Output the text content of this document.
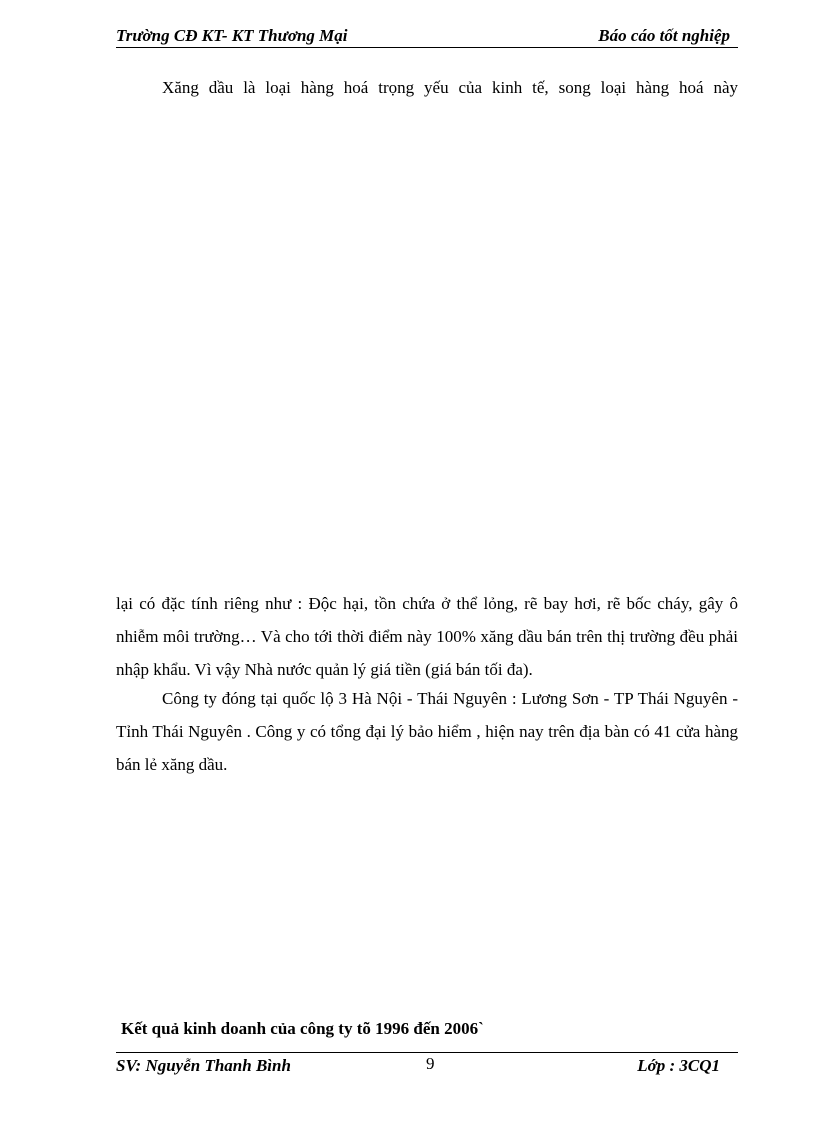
Trường CĐ KT- KT Thương Mại	Báo cáo tốt nghiệp

Xăng dầu là loại hàng hoá trọng yếu của kinh tế, song loại hàng hoá này

lại có đặc tính riêng như : Độc hại, tồn chứa ở thể lỏng, rẽ bay hơi, rẽ bốc cháy, gây ô nhiễm môi trường… Và cho tới thời điểm này 100% xăng dầu bán trên thị trường đều phải nhập khẩu. Vì vậy Nhà nước quản lý giá tiền (giá bán tối đa).

Công ty đóng tại quốc lộ 3 Hà Nội - Thái Nguyên : Lương Sơn - TP Thái Nguyên - Tỉnh Thái Nguyên . Công y có tổng đại lý bảo hiểm , hiện nay trên địa bàn có 41 cửa hàng bán lẻ xăng dầu.

Kết quả kinh doanh của công ty tõ 1996 đến 2006`
SV: Nguyễn Thanh Bình	9	Lớp : 3CQ1
